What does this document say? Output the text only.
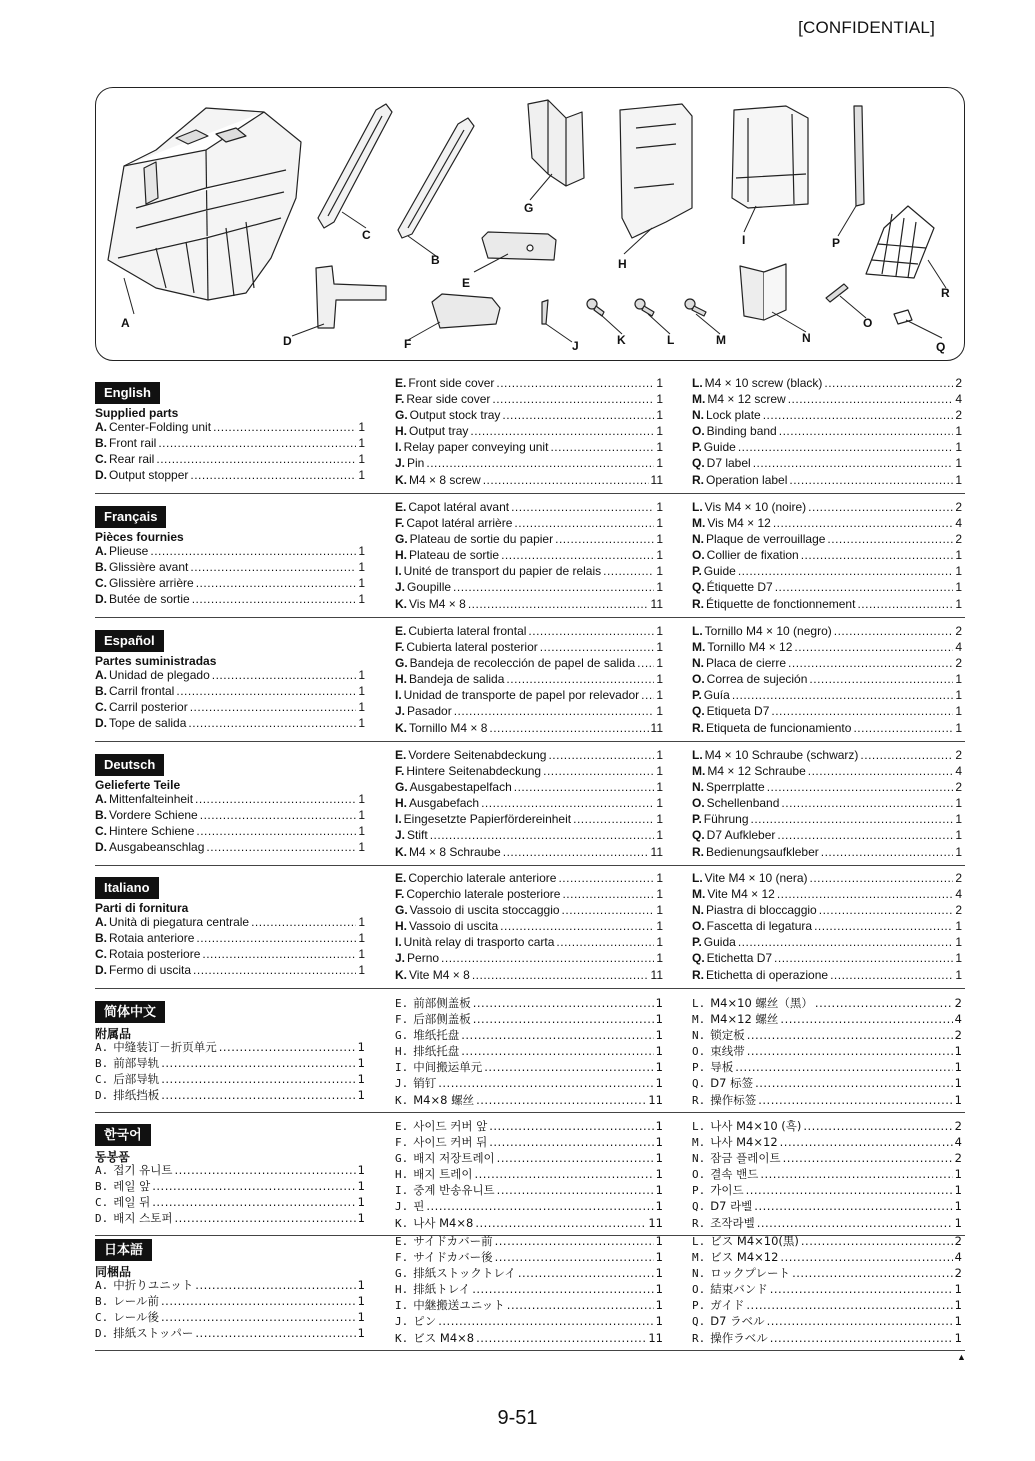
[CONFIDENTIAL]
A
B
C
D
E
F
G
H
I
J	K	L	M	N
O
P
Q
R
English
Supplied parts
A. Center-Folding unit .....	1
B. Front rail .....	1
C. Rear rail .....	1
D. Output stopper .....	1
E. Front side cover .....	1
F. Rear side cover .....	1
G. Output stock tray .....	1
H. Output tray .....	1
I. Relay paper conveying unit .....	1
J. Pin .....	1
K. M4 × 8 screw .....	11
L. M4 × 10 screw (black) .....	2
M. M4 × 12 screw .....	4
N. Lock plate .....	2
O. Binding band .....	1
P. Guide .....	1
Q. D7 label .....	1
R. Operation label .....	1
Français
Pièces fournies
A. Plieuse .....	1
B. Glissière avant .....	1
C. Glissière arrière .....	1
D. Butée de sortie .....	1
E. Capot latéral avant .....	1
F. Capot latéral arrière .....	1
G. Plateau de sortie du papier .....	1
H. Plateau de sortie .....	1
I. Unité de transport du papier de relais .....	1
J. Goupille .....	1
K. Vis M4 × 8 .....	11
L. Vis M4 × 10 (noire) .....	2
M. Vis M4 × 12 .....	4
N. Plaque de verrouillage .....	2
O. Collier de fixation .....	1
P. Guide .....	1
Q. Étiquette D7 .....	1
R. Étiquette de fonctionnement .....	1
Español
Partes suministradas
A. Unidad de plegado .....	1
B. Carril frontal .....	1
C. Carril posterior .....	1
D. Tope de salida .....	1
E. Cubierta lateral frontal .....	1
F. Cubierta lateral posterior .....	1
G. Bandeja de recolección de papel de salida ..... 1
H. Bandeja de salida .....	1
I. Unidad de transporte de papel por relevador ..... 1
J. Pasador .....	1
K. Tornillo M4 × 8 .....	11
L. Tornillo M4 × 10 (negro) .....	2
M. Tornillo M4 × 12 .....	4
N. Placa de cierre .....	2
O. Correa de sujeción .....	1
P. Guía .....	1
Q. Etiqueta D7 .....	1
R. Etiqueta de funcionamiento .....	1
Deutsch
Gelieferte Teile
A. Mittenfalteinheit .....	1
B. Vordere Schiene .....	1
C. Hintere Schiene .....	1
D. Ausgabeanschlag .....	1
E. Vordere Seitenabdeckung .....	1
F. Hintere Seitenabdeckung .....	1
G. Ausgabestapelfach .....	1
H. Ausgabefach .....	1
I. Eingesetzte Papierfördereinheit .....	1
J. Stift .....	1
K. M4 × 8 Schraube .....	11
L. M4 × 10 Schraube (schwarz) .....	2
M. M4 × 12 Schraube .....	4
N. Sperrplatte .....	2
O. Schellenband .....	1
P. Führung .....	1
Q. D7 Aufkleber .....	1
R. Bedienungsaufkleber .....	1
Italiano
Parti di fornitura
A. Unità di piegatura centrale .....	1
B. Rotaia anteriore .....	1
C. Rotaia posteriore .....	1
D. Fermo di uscita .....	1
E. Coperchio laterale anteriore .....	1
F. Coperchio laterale posteriore .....	1
G. Vassoio di uscita stoccaggio .....	1
H. Vassoio di uscita .....	1
I. Unità relay di trasporto carta .....	1
J. Perno .....	1
K. Vite M4 × 8 .....	11
L. Vite M4 × 10 (nera) .....	2
M. Vite M4 × 12 .....	4
N. Piastra di bloccaggio .....	2
O. Fascetta di legatura .....	1
P. Guida .....	1
Q. Etichetta D7 .....	1
R. Etichetta di operazione .....	1
简体中文
附属品
A. 中缝装订－折页单元 .....	1
B. 前部导轨 .....	1
C. 后部导轨 .....	1
D. 排纸挡板 .....	1
E. 前部侧盖板 .....	1
F. 后部侧盖板 .....	1
G. 堆纸托盘 .....	1
H. 排纸托盘 .....	1
I. 中间搬运单元 .....	1
J. 销钉 .....	1
K. M4×8 螺丝 .....	11
L. M4×10 螺丝（黑） .....	2
M. M4×12 螺丝 .....	4
N. 锁定板 .....	2
O. 束线带 .....	1
P. 导板 .....	1
Q. D7 标签 .....	1
R. 操作标签 .....	1
한국어
동봉품
A. 접기 유니트 .....	1
B. 레일 앞 .....	1
C. 레일 뒤 .....	1
D. 배지 스토퍼 .....	1
E. 사이드 커버 앞 .....	1
F. 사이드 커버 뒤 .....	1
G. 배지 저장트레이 .....	1
H. 배지 트레이 .....	1
I. 중계 반송유니트 .....	1
J. 핀 .....	1
K. 나사 M4×8 .....	11
L. 나사 M4×10 (흑) .....	2
M. 나사 M4×12 .....	4
N. 잠금 플레이트 .....	2
O. 결속 밴드 .....	1
P. 가이드 .....	1
Q. D7 라벨 .....	1
R. 조작라벨 .....	1
日本語
同梱品
A. 中折りユニット .....	1
B. レール前 .....	1
C. レール後 .....	1
D. 排紙ストッパー .....	1
E. サイドカバー前 .....	1
F. サイドカバー後 .....	1
G. 排紙ストックトレイ .....	1
H. 排紙トレイ .....	1
I. 中継搬送ユニット .....	1
J. ピン .....	1
K. ビス M4×8 .....	11
L. ビス M4×10(黒) .....	2
M. ビス M4×12 .....	4
N. ロックプレート .....	2
O. 結束バンド .....	1
P. ガイド .....	1
Q. D7 ラベル .....	1
R. 操作ラベル .....	1
▲
9-51
